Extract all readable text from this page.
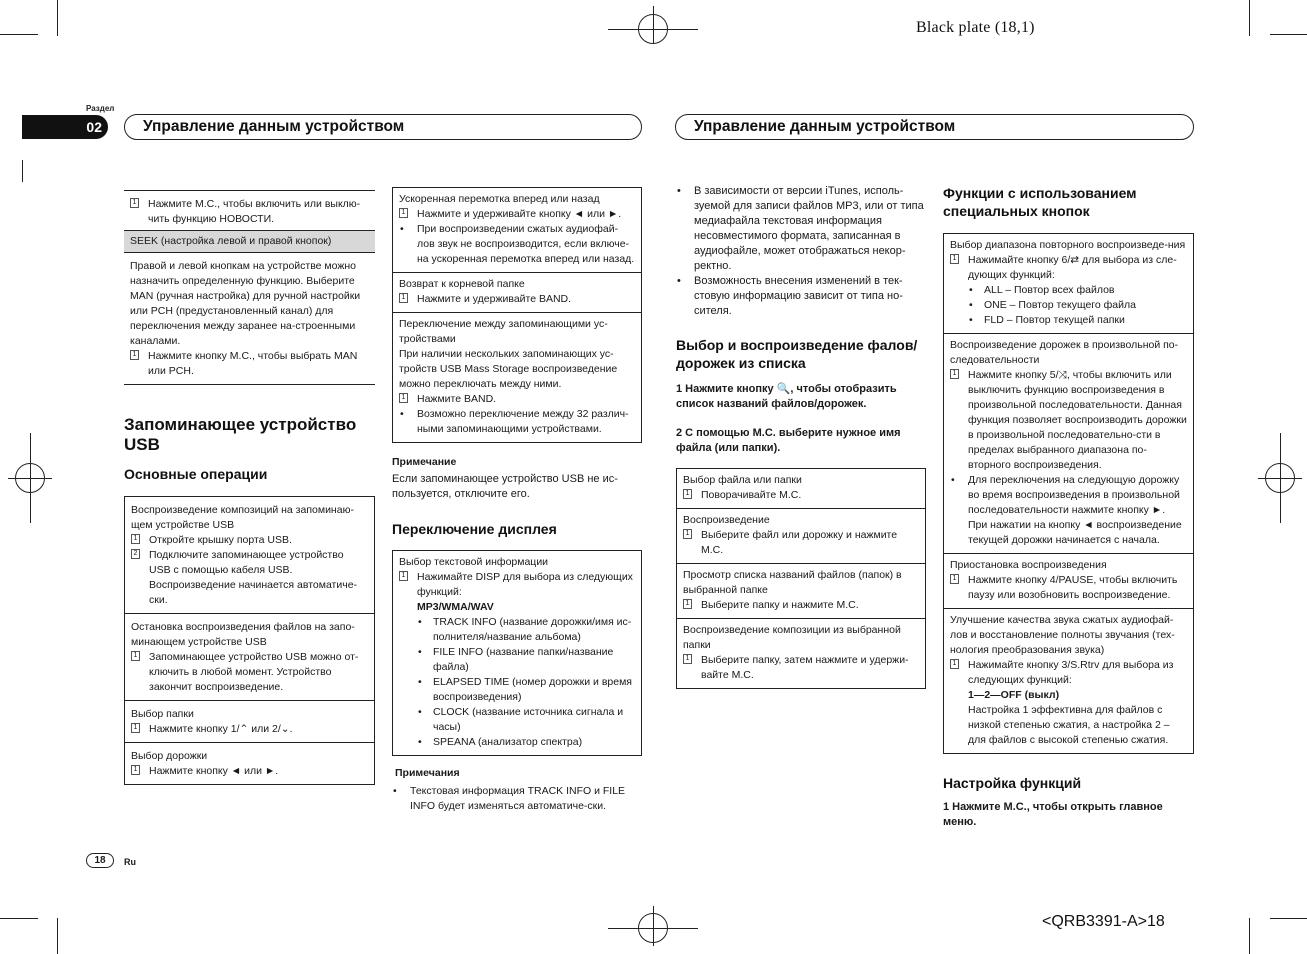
Black plate (18,1)
Раздел
02	Управление данным устройством	Управление данным устройством
1	Нажмите M.C., чтобы включить или выклю-чить функцию НОВОСТИ.
SEEK (настройка левой и правой кнопок)
Правой и левой кнопкам на устройстве можно назначить определенную функцию. Выберите MAN (ручная настройка) для ручной настройки или PCH (предустановленный канал) для переключения между заранее на-строенными каналами.
1	Нажмите кнопку M.C., чтобы выбрать MAN или PCH.
Запоминающее устройство USB
Основные операции
Воспроизведение композиций на запоминаю-щем устройстве USB
1	Откройте крышку порта USB.
2	Подключите запоминающее устройство USB с помощью кабеля USB. Воспроизведение начинается автоматиче-ски.
Остановка воспроизведения файлов на запо-минающем устройстве USB
1	Запоминающее устройство USB можно от-ключить в любой момент. Устройство закончит воспроизведение.
Выбор папки
1	Нажмите кнопку 1/⌃ или 2/⌄.
Выбор дорожки
1	Нажмите кнопку ◄ или ►.
Ускоренная перемотка вперед или назад
1	Нажмите и удерживайте кнопку ◄ или ►.
•	При воспроизведении сжатых аудиофай-лов звук не воспроизводится, если включе-на ускоренная перемотка вперед или назад.
Возврат к корневой папке
1	Нажмите и удерживайте BAND.
Переключение между запоминающими ус-тройствами
При наличии нескольких запоминающих ус-тройств USB Mass Storage воспроизведение можно переключать между ними.
1	Нажмите BAND.
•	Возможно переключение между 32 различ-ными запоминающими устройствами.
Примечание
Если запоминающее устройство USB не ис-пользуется, отключите его.
Переключение дисплея
Выбор текстовой информации
1	Нажимайте DISP для выбора из следующих функций:
MP3/WMA/WAV
•	TRACK INFO (название дорожки/имя ис-полнителя/название альбома)
•	FILE INFO (название папки/название файла)
•	ELAPSED TIME (номер дорожки и время воспроизведения)
•	CLOCK (название источника сигнала и часы)
•	SPEANA (анализатор спектра)
Примечания
•	Текстовая информация TRACK INFO и FILE INFO будет изменяться автоматиче-ски.
•	В зависимости от версии iTunes, исполь-зуемой для записи файлов MP3, или от типа медиафайла текстовая информация несовместимого формата, записанная в аудиофайле, может отображаться некор-ректно.
•	Возможность внесения изменений в тек-стовую информацию зависит от типа но-сителя.
Выбор и воспроизведение фалов/дорожек из списка
1 Нажмите кнопку 🔍, чтобы отобразить список названий файлов/дорожек.
2 С помощью M.C. выберите нужное имя файла (или папки).
Выбор файла или папки
1	Поворачивайте M.C.
Воспроизведение
1	Выберите файл или дорожку и нажмите M.C.
Просмотр списка названий файлов (папок) в выбранной папке
1	Выберите папку и нажмите M.C.
Воспроизведение композиции из выбранной папки
1	Выберите папку, затем нажмите и удержи-вайте M.C.
Функции с использованием специальных кнопок
Выбор диапазона повторного воспроизведе-ния
1	Нажимайте кнопку 6/⇄ для выбора из сле-дующих функций:
•	ALL – Повтор всех файлов
•	ONE – Повтор текущего файла
•	FLD – Повтор текущей папки
Воспроизведение дорожек в произвольной по-следовательности
1	Нажмите кнопку 5/⤨, чтобы включить или выключить функцию воспроизведения в произвольной последовательности. Данная функция позволяет воспроизводить дорожки в произвольной последовательно-сти в пределах выбранного диапазона по-вторного воспроизведения.
•	Для переключения на следующую дорожку во время воспроизведения в произвольной последовательности нажмите кнопку ►. При нажатии на кнопку ◄ воспроизведение текущей дорожки начинается с начала.
Приостановка воспроизведения
1	Нажмите кнопку 4/PAUSE, чтобы включить паузу или возобновить воспроизведение.
Улучшение качества звука сжатых аудиофай-лов и восстановление полноты звучания (тех-нология преобразования звука)
1	Нажимайте кнопку 3/S.Rtrv для выбора из следующих функций:
1—2—OFF (выкл)
Настройка 1 эффективна для файлов с низкой степенью сжатия, а настройка 2 – для файлов с высокой степенью сжатия.
Настройка функций
1 Нажмите M.C., чтобы открыть главное меню.
18	Ru
<QRB3391-A>18
